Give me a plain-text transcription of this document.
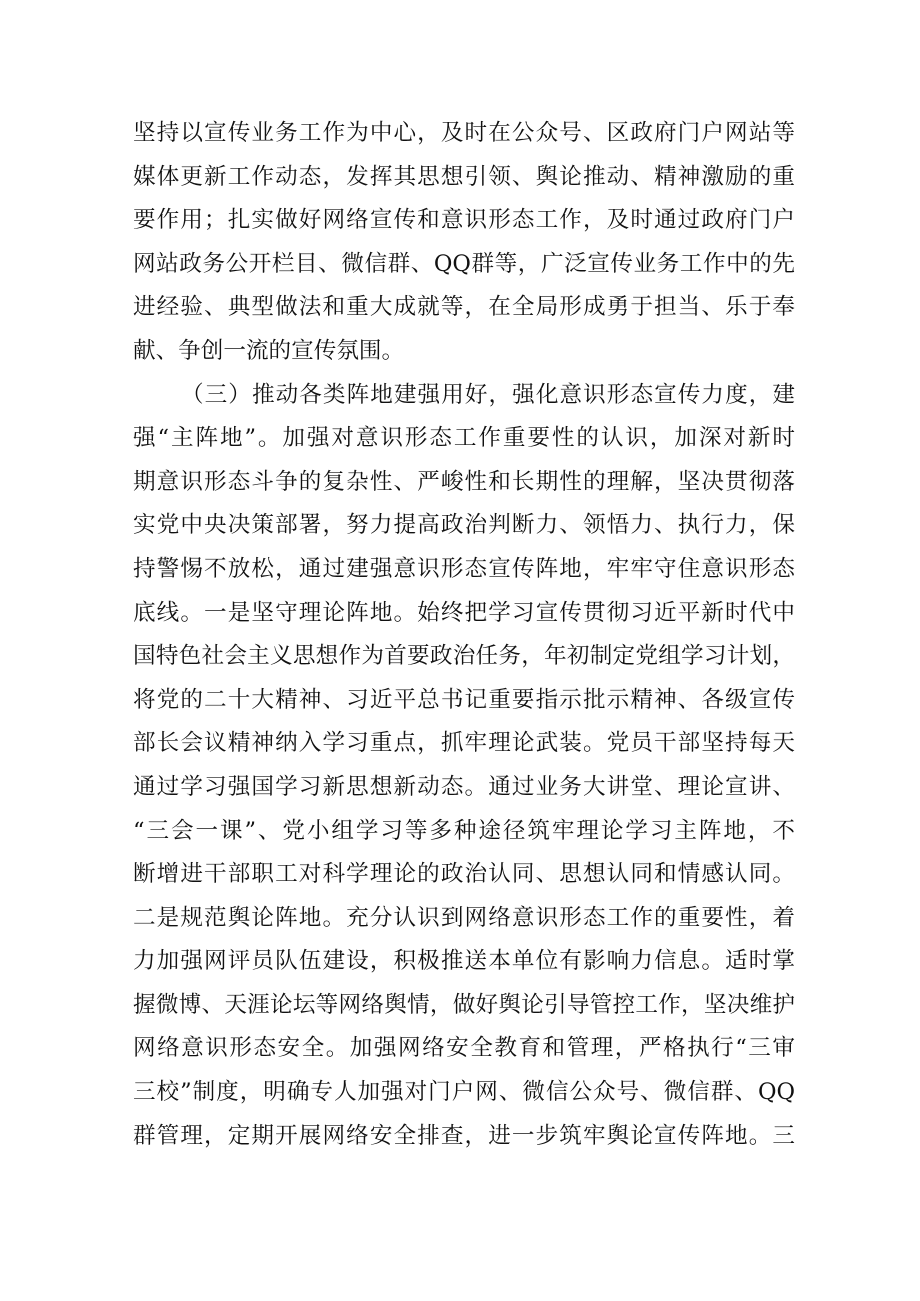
坚持以宣传业务工作为中心，及时在公众号、区政府门户网站等
媒体更新工作动态，发挥其思想引领、舆论推动、精神激励的重
要作用；扎实做好网络宣传和意识形态工作，及时通过政府门户
网站政务公开栏目、微信群、QQ群等，广泛宣传业务工作中的先
进经验、典型做法和重大成就等，在全局形成勇于担当、乐于奉
献、争创一流的宣传氛围。
（三）推动各类阵地建强用好，强化意识形态宣传力度，建
强“主阵地”。加强对意识形态工作重要性的认识，加深对新时
期意识形态斗争的复杂性、严峻性和长期性的理解，坚决贯彻落
实党中央决策部署，努力提高政治判断力、领悟力、执行力，保
持警惕不放松，通过建强意识形态宣传阵地，牢牢守住意识形态
底线。一是坚守理论阵地。始终把学习宣传贯彻习近平新时代中
国特色社会主义思想作为首要政治任务，年初制定党组学习计划，
将党的二十大精神、习近平总书记重要指示批示精神、各级宣传
部长会议精神纳入学习重点，抓牢理论武装。党员干部坚持每天
通过学习强国学习新思想新动态。通过业务大讲堂、理论宣讲、
“三会一课”、党小组学习等多种途径筑牢理论学习主阵地，不
断增进干部职工对科学理论的政治认同、思想认同和情感认同。
二是规范舆论阵地。充分认识到网络意识形态工作的重要性，着
力加强网评员队伍建设，积极推送本单位有影响力信息。适时掌
握微博、天涯论坛等网络舆情，做好舆论引导管控工作，坚决维护
网络意识形态安全。加强网络安全教育和管理，严格执行“三审
三校”制度，明确专人加强对门户网、微信公众号、微信群、QQ
群管理，定期开展网络安全排查，进一步筑牢舆论宣传阵地。三
